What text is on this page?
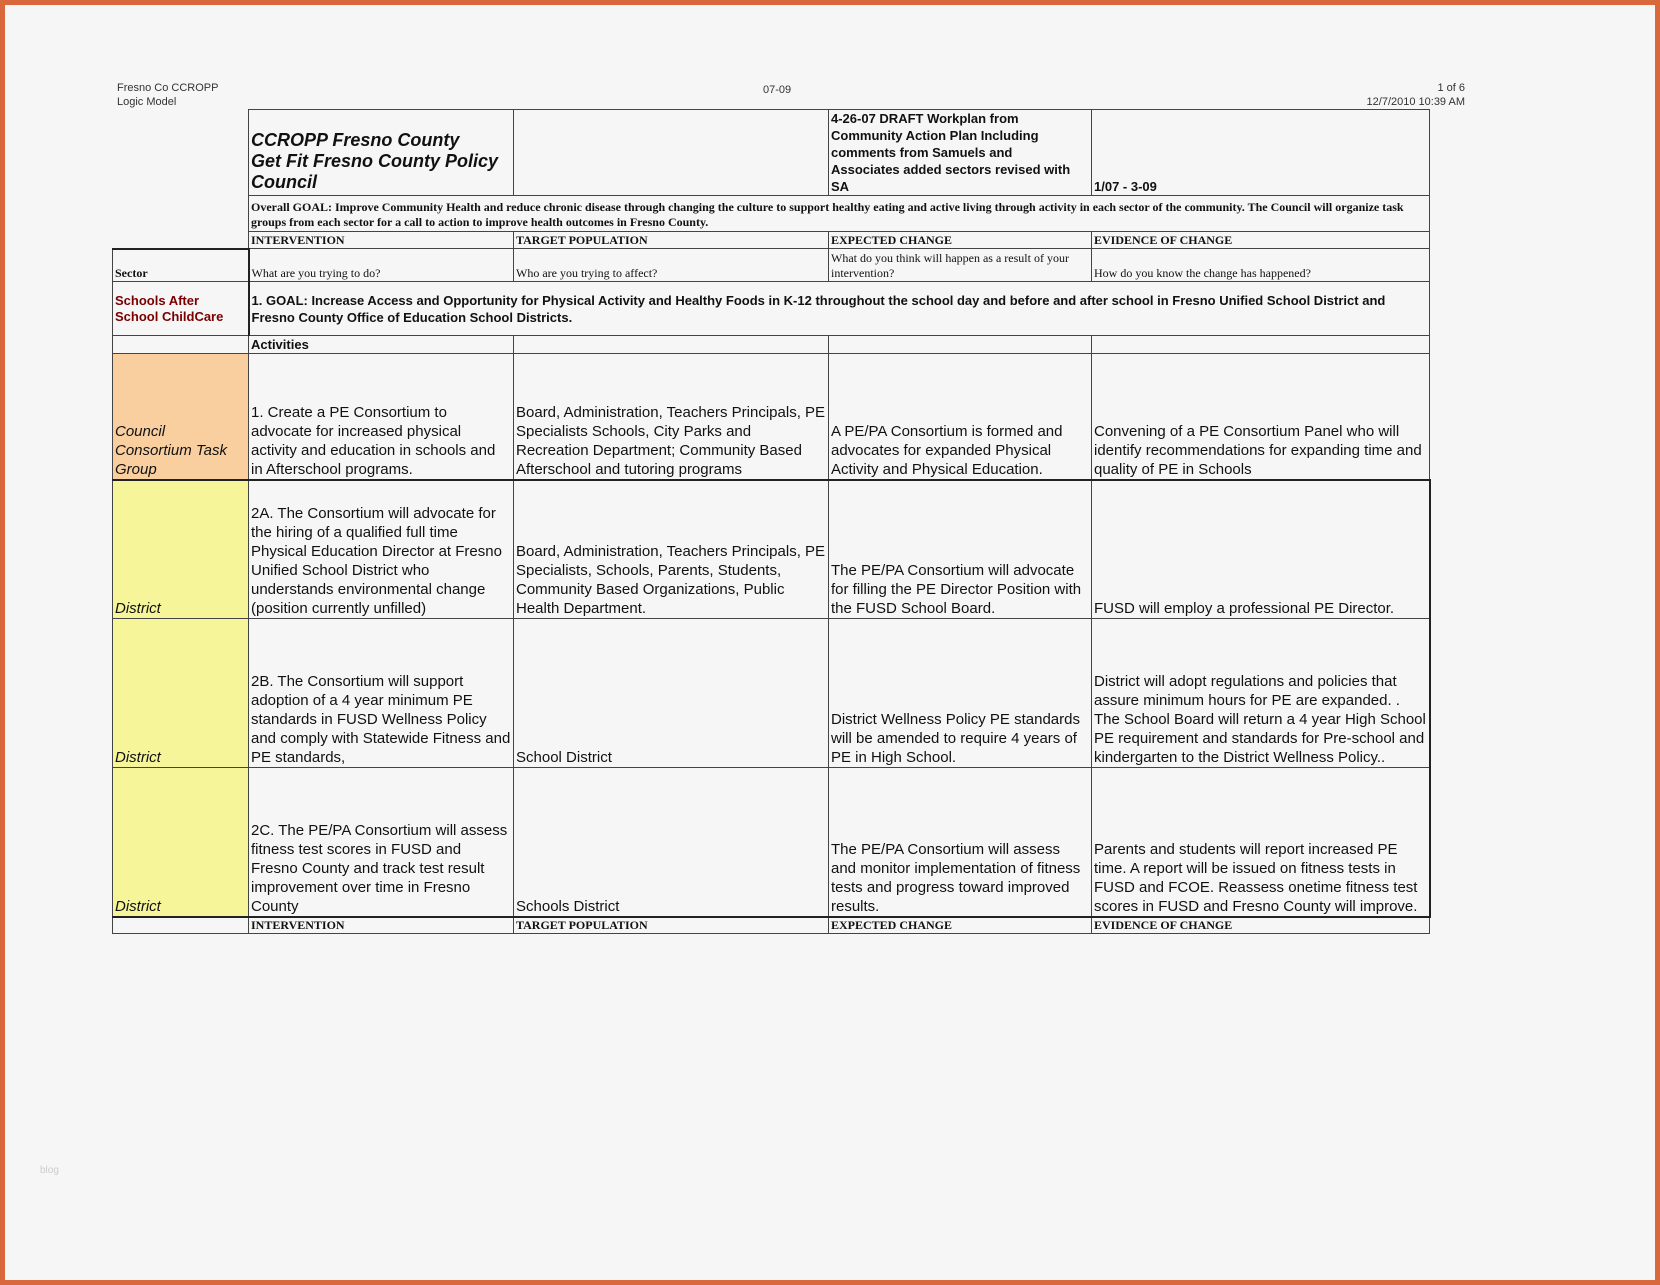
Fresno Co CCROPP
Logic Model
07-09	1 of 6
12/7/2010 10:39 AM
blog

	CCROPP Fresno County
Get Fit Fresno County Policy
Council		4-26-07 DRAFT Workplan from
Community Action Plan Including
comments from Samuels and
Associates added sectors revised with
SA	1/07 - 3-09

	Overall GOAL: Improve Community Health and reduce chronic disease through changing the culture to support healthy eating and active living through activity in each sector of the community. The Council will organize task groups from each sector for a call to action to improve health outcomes in Fresno County.			

	INTERVENTION	TARGET POPULATION	EXPECTED CHANGE	EVIDENCE OF CHANGE
Sector	What are you trying to do?	Who are you trying to affect?	What do you think will happen as a result of your intervention?	How do you know the change has happened?

Schools After
School ChildCare	1. GOAL: Increase Access and Opportunity for Physical Activity and Healthy Foods in K-12 throughout the school day and before and after school in Fresno Unified School District and Fresno County Office of Education School Districts.			

	Activities			

Council
Consortium Task
Group	1. Create a PE Consortium to advocate for increased physical activity and education in schools and in Afterschool programs.	Board, Administration, Teachers Principals, PE Specialists Schools, City Parks and Recreation Department; Community Based Afterschool and tutoring programs	A PE/PA Consortium is formed and advocates for expanded Physical Activity and Physical Education.	Convening of a PE Consortium Panel who will identify recommendations for expanding time and quality of PE in Schools

District	2A. The Consortium will advocate for the hiring of a qualified full time Physical Education Director at Fresno Unified School District who understands environmental change (position currently unfilled)	Board, Administration, Teachers Principals, PE Specialists, Schools, Parents, Students, Community Based Organizations, Public Health Department.	The PE/PA Consortium will advocate for filling the PE Director Position with the FUSD School Board.	FUSD will employ a professional PE Director.

District	2B. The Consortium will support adoption of a 4 year minimum PE standards in FUSD Wellness Policy and comply with Statewide Fitness and PE standards,	School District	District Wellness Policy PE standards will be amended to require 4 years of PE in High School.	District will adopt regulations and policies that assure minimum hours for PE are expanded. . The School Board will return a 4 year High School PE requirement and standards for Pre-school and kindergarten to the District Wellness Policy..

District	2C. The PE/PA Consortium will assess fitness test scores in FUSD and Fresno County and track test result improvement over time in Fresno County	Schools District	The PE/PA Consortium will assess and monitor implementation of fitness tests and progress toward improved results.	Parents and students will report increased PE time. A report will be issued on fitness tests in FUSD and FCOE. Reassess onetime fitness test scores in FUSD and Fresno County will improve.
	INTERVENTION	TARGET POPULATION	EXPECTED CHANGE	EVIDENCE OF CHANGE
